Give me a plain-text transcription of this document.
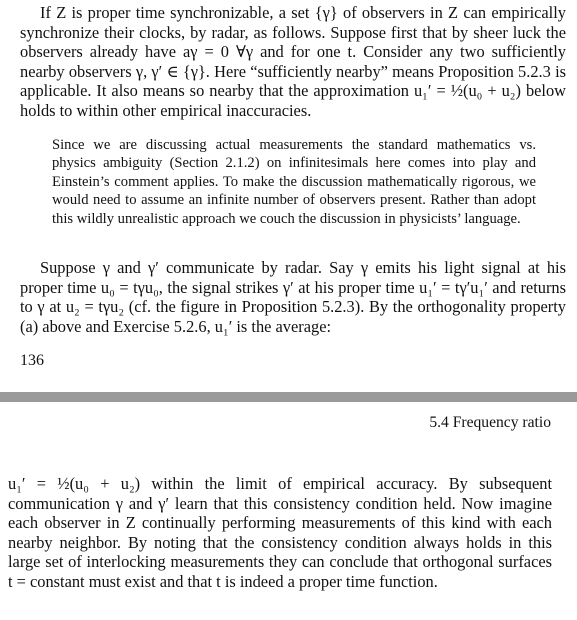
If Z is proper time synchronizable, a set {γ} of observers in Z can empirically synchronize their clocks, by radar, as follows. Suppose first that by sheer luck the observers already have aγ = 0 ∀γ and for one t. Consider any two sufficiently nearby observers γ, γ′ ∈ {γ}. Here “sufficiently nearby” means Proposition 5.2.3 is applicable. It also means so nearby that the approximation u₁′ = ½(u₀ + u₂) below holds to within other empirical inaccuracies.

Since we are discussing actual measurements the standard mathematics vs. physics ambiguity (Section 2.1.2) on infinitesimals here comes into play and Einstein’s comment applies. To make the discussion mathematically rigorous, we would need to assume an infinite number of observers present. Rather than adopt this wildly unrealistic approach we couch the discussion in physicists’ language.

Suppose γ and γ′ communicate by radar. Say γ emits his light signal at his proper time u₀ = tγu₀, the signal strikes γ′ at his proper time u₁′ = tγ′u₁′ and returns to γ at u₂ = tγu₂ (cf. the figure in Proposition 5.2.3). By the orthogonality property (a) above and Exercise 5.2.6, u₁′ is the average:

136

5.4 Frequency ratio

u₁′ = ½(u₀ + u₂) within the limit of empirical accuracy. By subsequent communication γ and γ′ learn that this consistency condition held. Now imagine each observer in Z continually performing measurements of this kind with each nearby neighbor. By noting that the consistency condition always holds in this large set of interlocking measurements they can conclude that orthogonal surfaces t = constant must exist and that t is indeed a proper time function.
